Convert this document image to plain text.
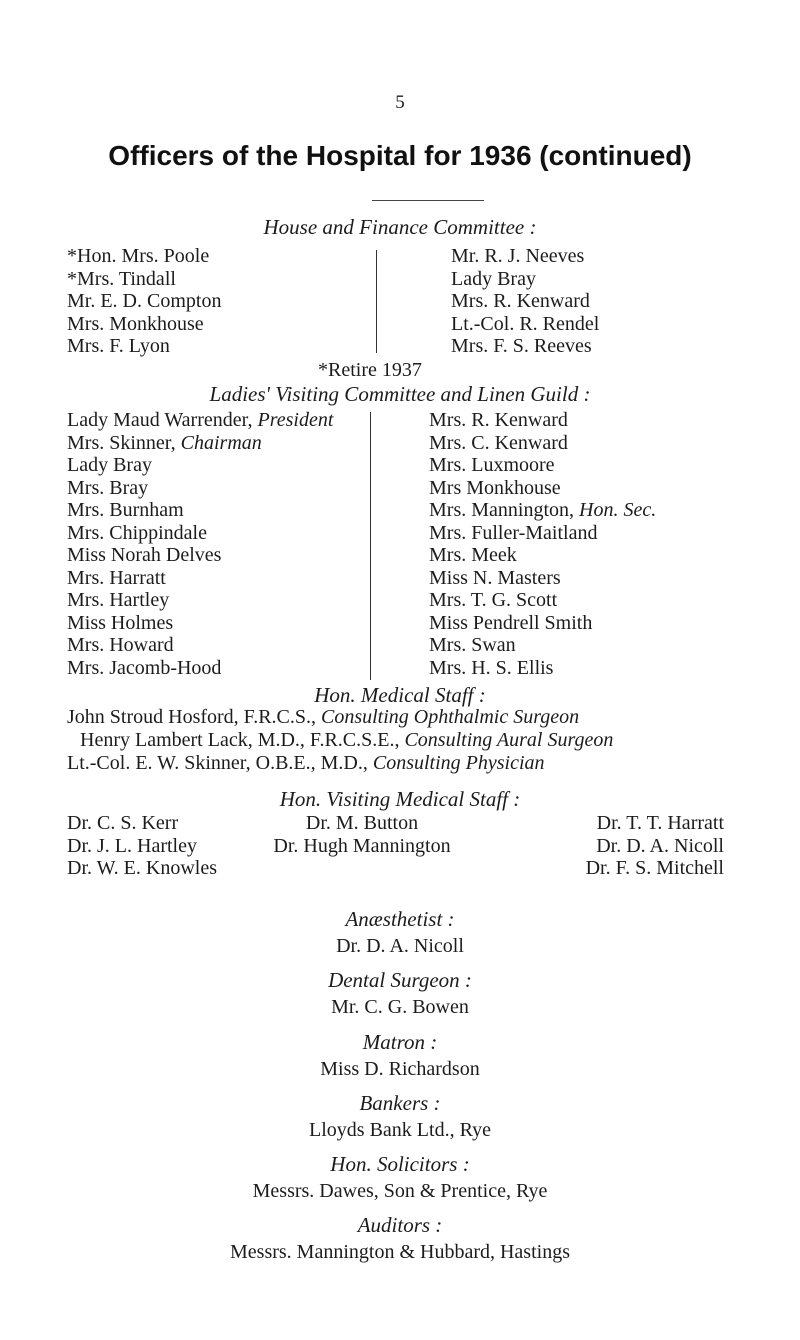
5
Officers of the Hospital for 1936 (continued)
House and Finance Committee :
*Hon. Mrs. Poole
*Mrs. Tindall
Mr. E. D. Compton
Mrs. Monkhouse
Mrs. F. Lyon
Mr. R. J. Neeves
Lady Bray
Mrs. R. Kenward
Lt.-Col. R. Rendel
Mrs. F. S. Reeves
*Retire 1937
Ladies' Visiting Committee and Linen Guild :
Lady Maud Warrender, President
Mrs. Skinner, Chairman
Lady Bray
Mrs. Bray
Mrs. Burnham
Mrs. Chippindale
Miss Norah Delves
Mrs. Harratt
Mrs. Hartley
Miss Holmes
Mrs. Howard
Mrs. Jacomb-Hood
Mrs. R. Kenward
Mrs. C. Kenward
Mrs. Luxmoore
Mrs Monkhouse
Mrs. Mannington, Hon. Sec.
Mrs. Fuller-Maitland
Mrs. Meek
Miss N. Masters
Mrs. T. G. Scott
Miss Pendrell Smith
Mrs. Swan
Mrs. H. S. Ellis
Hon. Medical Staff :
John Stroud Hosford, F.R.C.S., Consulting Ophthalmic Surgeon
Henry Lambert Lack, M.D., F.R.C.S.E., Consulting Aural Surgeon
Lt.-Col. E. W. Skinner, O.B.E., M.D., Consulting Physician
Hon. Visiting Medical Staff :
Dr. C. S. Kerr
Dr. J. L. Hartley
Dr. W. E. Knowles
Dr. M. Button
Dr. Hugh Mannington
Dr. T. T. Harratt
Dr. D. A. Nicoll
Dr. F. S. Mitchell
Anæsthetist :
Dr. D. A. Nicoll
Dental Surgeon :
Mr. C. G. Bowen
Matron :
Miss D. Richardson
Bankers :
Lloyds Bank Ltd., Rye
Hon. Solicitors :
Messrs. Dawes, Son & Prentice, Rye
Auditors :
Messrs. Mannington & Hubbard, Hastings
